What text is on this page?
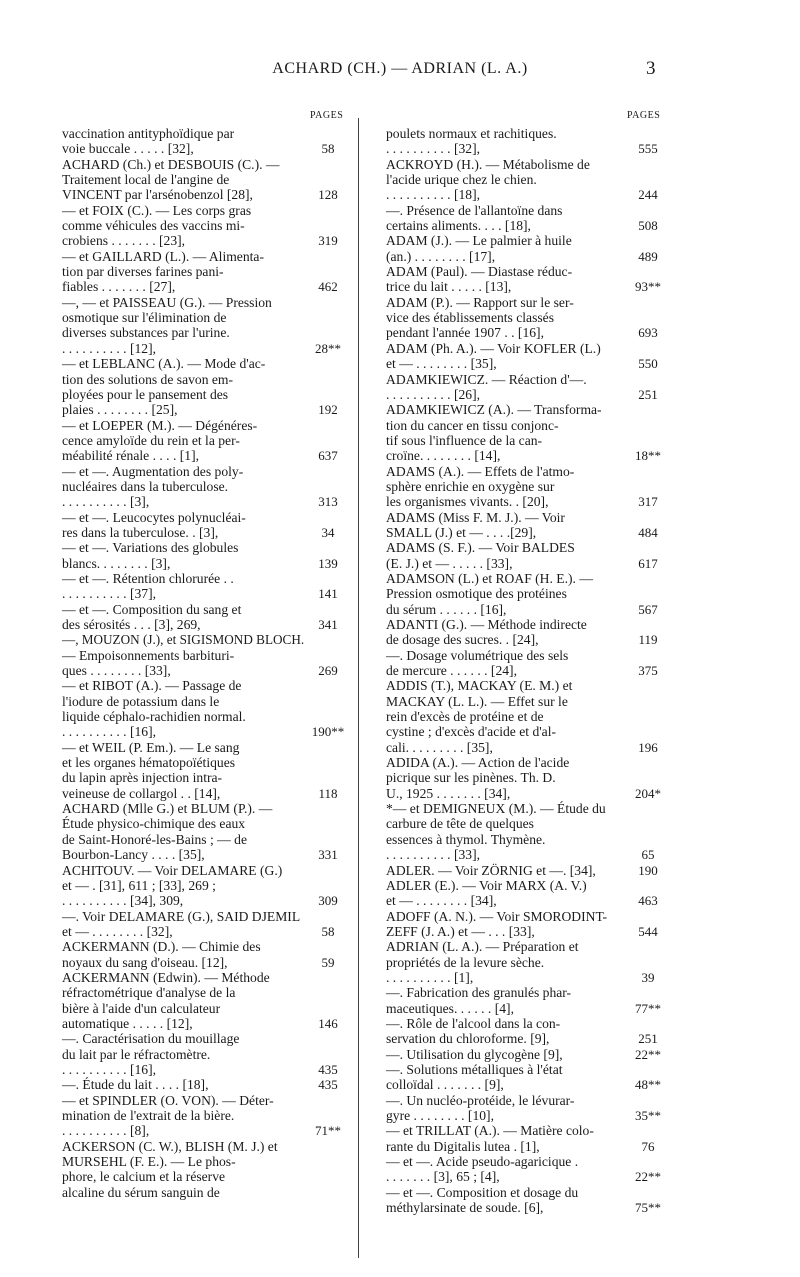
ACHARD (CH.) — ADRIAN (L. A.)	3
PAGES	PAGES
vaccination antityphoïdique par
voie buccale . . . . . [32],
ACHARD (Ch.) et DESBOUIS (C.). —
Traitement local de l'angine de
VINCENT par l'arsénobenzol [28],
— et FOIX (C.). — Les corps gras
comme véhicules des vaccins mi-
crobiens . . . . . . . [23],
— et GAILLARD (L.). — Alimenta-
tion par diverses farines pani-
fiables . . . . . . . [27],
—, — et PAISSEAU (G.). — Pression
osmotique sur l'élimination de
diverses substances par l'urine.
. . . . . . . . . . [12],
— et LEBLANC (A.). — Mode d'ac-
tion des solutions de savon em-
ployées pour le pansement des
plaies . . . . . . . . [25],
— et LOEPER (M.). — Dégénéres-
cence amyloïde du rein et la per-
méabilité rénale . . . . [1],
— et —. Augmentation des poly-
nucléaires dans la tuberculose.
. . . . . . . . . . [3],
— et —. Leucocytes polynucléai-
res dans la tuberculose. . [3],
— et —. Variations des globules
blancs. . . . . . . . [3],
— et —. Rétention chlorurée . .
. . . . . . . . . . [37],
— et —. Composition du sang et
des sérosités . . . [3], 269,
—, MOUZON (J.), et SIGISMOND BLOCH.
— Empoisonnements barbituri-
ques . . . . . . . . [33],
— et RIBOT (A.). — Passage de
l'iodure de potassium dans le
liquide céphalo-rachidien normal.
. . . . . . . . . . [16],
— et WEIL (P. Em.). — Le sang
et les organes hématopoïétiques
du lapin après injection intra-
veineuse de collargol . . [14],
ACHARD (Mlle G.) et BLUM (P.). —
Étude physico-chimique des eaux
de Saint-Honoré-les-Bains ; — de
Bourbon-Lancy . . . . [35],
ACHITOUV. — Voir DELAMARE (G.)
et — . [31], 611 ; [33], 269 ;
. . . . . . . . . . [34], 309,
—. Voir DELAMARE (G.), SAID DJEMIL
et — . . . . . . . . [32],
ACKERMANN (D.). — Chimie des
noyaux du sang d'oiseau. [12],
ACKERMANN (Edwin). — Méthode
réfractométrique d'analyse de la
bière à l'aide d'un calculateur
automatique . . . . . [12],
—. Caractérisation du mouillage
du lait par le réfractomètre.
. . . . . . . . . . [16],
—. Étude du lait . . . . [18],
— et SPINDLER (O. VON). — Déter-
mination de l'extrait de la bière.
. . . . . . . . . . [8],
ACKERSON (C. W.), BLISH (M. J.) et
MURSEHL (F. E.). — Le phos-
phore, le calcium et la réserve
alcaline du sérum sanguin de
58
128
319
462
28**
192
637
313
34
139
141
341
269
190**
118
331
309
58
59
146
435
435
71**
poulets normaux et rachitiques.
. . . . . . . . . . [32],
ACKROYD (H.). — Métabolisme de
l'acide urique chez le chien.
. . . . . . . . . . [18],
—. Présence de l'allantoïne dans
certains aliments. . . . [18],
ADAM (J.). — Le palmier à huile
(an.) . . . . . . . . [17],
ADAM (Paul). — Diastase réduc-
trice du lait . . . . . [13],
ADAM (P.). — Rapport sur le ser-
vice des établissements classés
pendant l'année 1907 . . [16],
ADAM (Ph. A.). — Voir KOFLER (L.)
et — . . . . . . . . [35],
ADAMKIEWICZ. — Réaction d'—.
. . . . . . . . . . [26],
ADAMKIEWICZ (A.). — Transforma-
tion du cancer en tissu conjonc-
tif sous l'influence de la can-
croïne. . . . . . . . [14],
ADAMS (A.). — Effets de l'atmo-
sphère enrichie en oxygène sur
les organismes vivants. . [20],
ADAMS (Miss F. M. J.). — Voir
SMALL (J.) et — . . . .[29],
ADAMS (S. F.). — Voir BALDES
(E. J.) et — . . . . . [33],
ADAMSON (L.) et ROAF (H. E.). —
Pression osmotique des protéines
du sérum . . . . . . [16],
ADANTI (G.). — Méthode indirecte
de dosage des sucres. . [24],
—. Dosage volumétrique des sels
de mercure . . . . . . [24],
ADDIS (T.), MACKAY (E. M.) et
MACKAY (L. L.). — Effet sur le
rein d'excès de protéine et de
cystine ; d'excès d'acide et d'al-
cali. . . . . . . . . [35],
ADIDA (A.). — Action de l'acide
picrique sur les pinènes. Th. D.
U., 1925 . . . . . . . [34],
*— et DEMIGNEUX (M.). — Étude du
carbure de tête de quelques
essences à thymol. Thymène.
. . . . . . . . . . [33],
ADLER. — Voir ZÖRNIG et —. [34],
ADLER (E.). — Voir MARX (A. V.)
et — . . . . . . . . [34],
ADOFF (A. N.). — Voir SMORODINT-
ZEFF (J. A.) et — . . . [33],
ADRIAN (L. A.). — Préparation et
propriétés de la levure sèche.
. . . . . . . . . . [1],
—. Fabrication des granulés phar-
maceutiques. . . . . . [4],
—. Rôle de l'alcool dans la con-
servation du chloroforme. [9],
—. Utilisation du glycogène [9],
—. Solutions métalliques à l'état
colloïdal . . . . . . . [9],
—. Un nucléo-protéide, le lévurar-
gyre . . . . . . . . [10],
— et TRILLAT (A.). — Matière colo-
rante du Digitalis lutea . [1],
— et —. Acide pseudo-agaricique .
. . . . . . . [3], 65 ; [4],
— et —. Composition et dosage du
méthylarsinate de soude. [6],
555
244
508
489
93**
693
550
251
18**
317
484
617
567
119
375
196
204*
65
190
463
544
39
77**
251
22**
48**
35**
76
22**
75**
